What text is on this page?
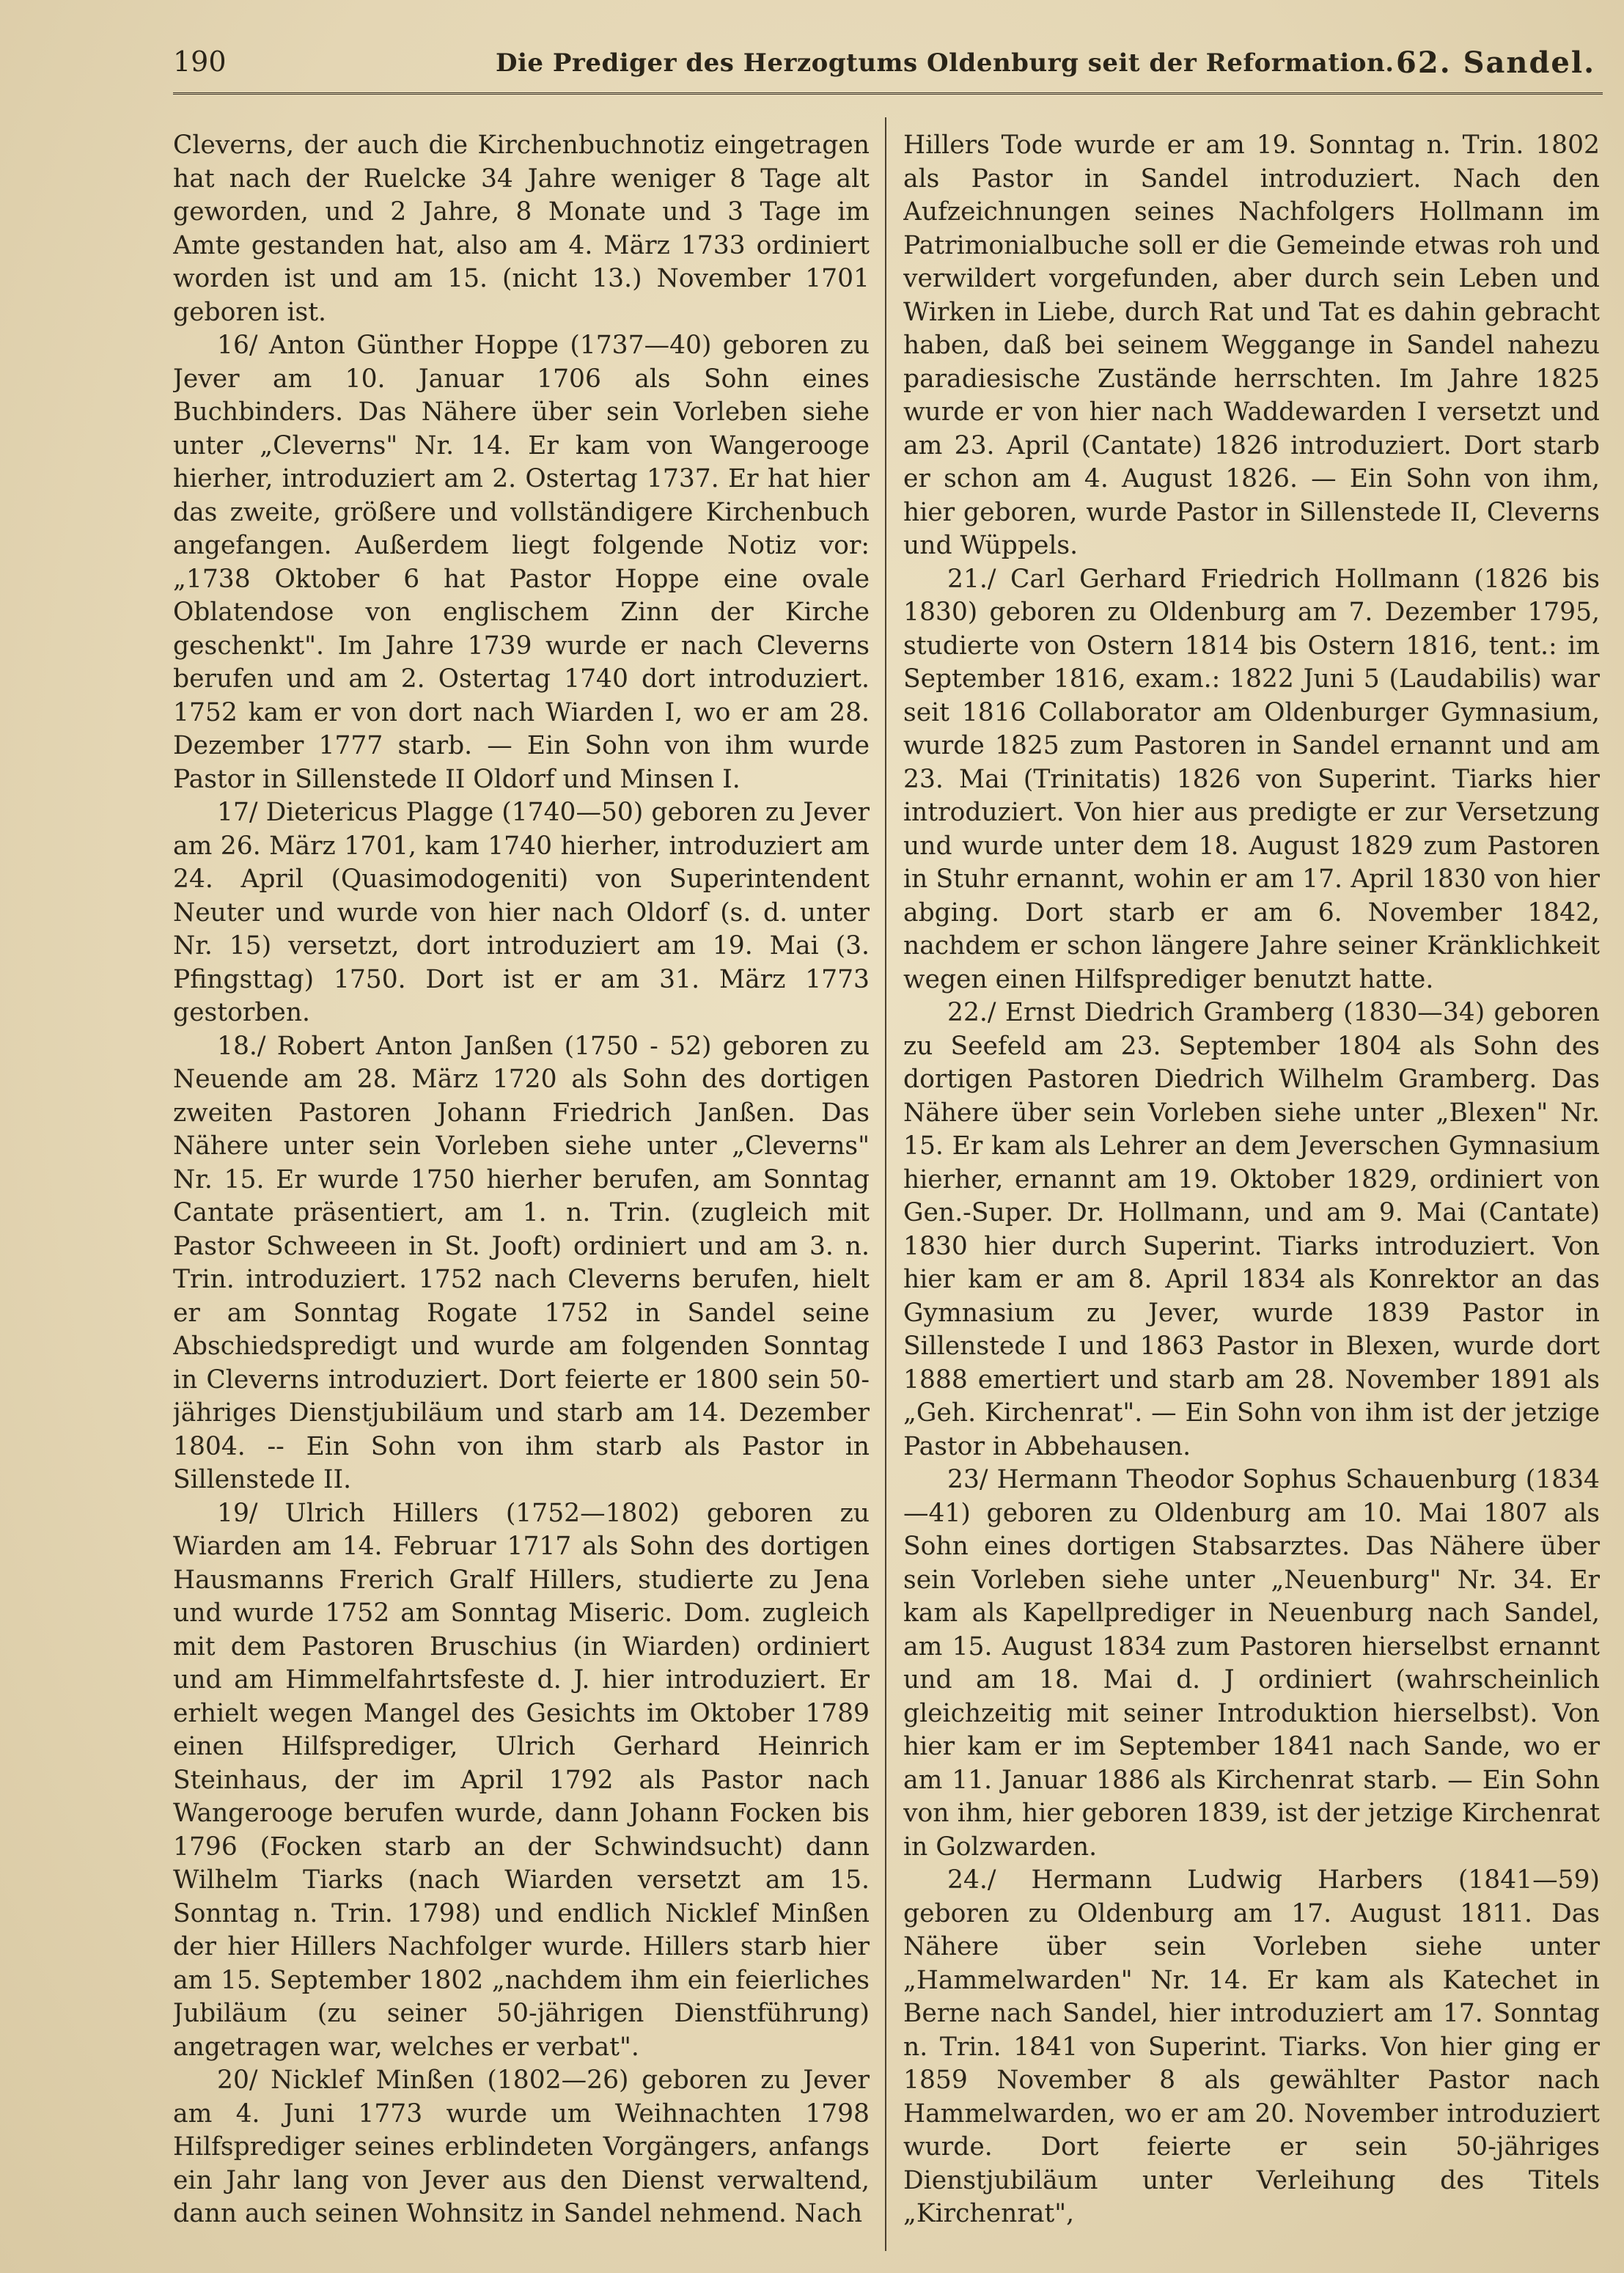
190	Die Prediger des Herzogtums Oldenburg seit der Reformation. 62. Sandel.

Cleverns, der auch die Kirchenbuchnotiz eingetragen hat nach der Ruelcke 34 Jahre weniger 8 Tage alt geworden, und 2 Jahre, 8 Monate und 3 Tage im Amte gestanden hat, also am 4. März 1733 ordiniert worden ist und am 15. (nicht 13.) November 1701 geboren ist.

16/ Anton Günther Hoppe (1737—40) geboren zu Jever am 10. Januar 1706 als Sohn eines Buchbinders. Das Nähere über sein Vorleben siehe unter „Cleverns" Nr. 14. Er kam von Wangerooge hierher, introduziert am 2. Ostertag 1737. Er hat hier das zweite, größere und vollständigere Kirchenbuch angefangen. Außerdem liegt folgende Notiz vor: „1738 Oktober 6 hat Pastor Hoppe eine ovale Oblatendose von englischem Zinn der Kirche geschenkt". Im Jahre 1739 wurde er nach Cleverns berufen und am 2. Ostertag 1740 dort introduziert. 1752 kam er von dort nach Wiarden I, wo er am 28. Dezember 1777 starb. — Ein Sohn von ihm wurde Pastor in Sillenstede II Oldorf und Minsen I.

17/ Dietericus Plagge (1740—50) geboren zu Jever am 26. März 1701, kam 1740 hierher, introduziert am 24. April (Quasimodogeniti) von Superintendent Neuter und wurde von hier nach Oldorf (s. d. unter Nr. 15) versetzt, dort introduziert am 19. Mai (3. Pfingsttag) 1750. Dort ist er am 31. März 1773 gestorben.

18./ Robert Anton Janßen (1750 - 52) geboren zu Neuende am 28. März 1720 als Sohn des dortigen zweiten Pastoren Johann Friedrich Janßen. Das Nähere unter sein Vorleben siehe unter „Cleverns" Nr. 15. Er wurde 1750 hierher berufen, am Sonntag Cantate präsentiert, am 1. n. Trin. (zugleich mit Pastor Schweeen in St. Jooft) ordiniert und am 3. n. Trin. introduziert. 1752 nach Cleverns berufen, hielt er am Sonntag Rogate 1752 in Sandel seine Abschiedspredigt und wurde am folgenden Sonntag in Cleverns introduziert. Dort feierte er 1800 sein 50-jähriges Dienstjubiläum und starb am 14. Dezember 1804. -- Ein Sohn von ihm starb als Pastor in Sillenstede II.

19/ Ulrich Hillers (1752—1802) geboren zu Wiarden am 14. Februar 1717 als Sohn des dortigen Hausmanns Frerich Gralf Hillers, studierte zu Jena und wurde 1752 am Sonntag Miseric. Dom. zugleich mit dem Pastoren Bruschius (in Wiarden) ordiniert und am Himmelfahrtsfeste d. J. hier introduziert. Er erhielt wegen Mangel des Gesichts im Oktober 1789 einen Hilfsprediger, Ulrich Gerhard Heinrich Steinhaus, der im April 1792 als Pastor nach Wangerooge berufen wurde, dann Johann Focken bis 1796 (Focken starb an der Schwindsucht) dann Wilhelm Tiarks (nach Wiarden versetzt am 15. Sonntag n. Trin. 1798) und endlich Nicklef Minßen der hier Hillers Nachfolger wurde. Hillers starb hier am 15. September 1802 „nachdem ihm ein feierliches Jubiläum (zu seiner 50-jährigen Dienstführung) angetragen war, welches er verbat".

20/ Nicklef Minßen (1802—26) geboren zu Jever am 4. Juni 1773 wurde um Weihnachten 1798 Hilfsprediger seines erblindeten Vorgängers, anfangs ein Jahr lang von Jever aus den Dienst verwaltend, dann auch seinen Wohnsitz in Sandel nehmend. Nach

Hillers Tode wurde er am 19. Sonntag n. Trin. 1802 als Pastor in Sandel introduziert. Nach den Aufzeichnungen seines Nachfolgers Hollmann im Patrimonialbuche soll er die Gemeinde etwas roh und verwildert vorgefunden, aber durch sein Leben und Wirken in Liebe, durch Rat und Tat es dahin gebracht haben, daß bei seinem Weggange in Sandel nahezu paradiesische Zustände herrschten. Im Jahre 1825 wurde er von hier nach Waddewarden I versetzt und am 23. April (Cantate) 1826 introduziert. Dort starb er schon am 4. August 1826. — Ein Sohn von ihm, hier geboren, wurde Pastor in Sillenstede II, Cleverns und Wüppels.

21./ Carl Gerhard Friedrich Hollmann (1826 bis 1830) geboren zu Oldenburg am 7. Dezember 1795, studierte von Ostern 1814 bis Ostern 1816, tent.: im September 1816, exam.: 1822 Juni 5 (Laudabilis) war seit 1816 Collaborator am Oldenburger Gymnasium, wurde 1825 zum Pastoren in Sandel ernannt und am 23. Mai (Trinitatis) 1826 von Superint. Tiarks hier introduziert. Von hier aus predigte er zur Versetzung und wurde unter dem 18. August 1829 zum Pastoren in Stuhr ernannt, wohin er am 17. April 1830 von hier abging. Dort starb er am 6. November 1842, nachdem er schon längere Jahre seiner Kränklichkeit wegen einen Hilfsprediger benutzt hatte.

22./ Ernst Diedrich Gramberg (1830—34) geboren zu Seefeld am 23. September 1804 als Sohn des dortigen Pastoren Diedrich Wilhelm Gramberg. Das Nähere über sein Vorleben siehe unter „Blexen" Nr. 15. Er kam als Lehrer an dem Jeverschen Gymnasium hierher, ernannt am 19. Oktober 1829, ordiniert von Gen.-Super. Dr. Hollmann, und am 9. Mai (Cantate) 1830 hier durch Superint. Tiarks introduziert. Von hier kam er am 8. April 1834 als Konrektor an das Gymnasium zu Jever, wurde 1839 Pastor in Sillenstede I und 1863 Pastor in Blexen, wurde dort 1888 emertiert und starb am 28. November 1891 als „Geh. Kirchenrat". — Ein Sohn von ihm ist der jetzige Pastor in Abbehausen.

23/ Hermann Theodor Sophus Schauenburg (1834—41) geboren zu Oldenburg am 10. Mai 1807 als Sohn eines dortigen Stabsarztes. Das Nähere über sein Vorleben siehe unter „Neuenburg" Nr. 34. Er kam als Kapellprediger in Neuenburg nach Sandel, am 15. August 1834 zum Pastoren hierselbst ernannt und am 18. Mai d. J ordiniert (wahrscheinlich gleichzeitig mit seiner Introduktion hierselbst). Von hier kam er im September 1841 nach Sande, wo er am 11. Januar 1886 als Kirchenrat starb. — Ein Sohn von ihm, hier geboren 1839, ist der jetzige Kirchenrat in Golzwarden.

24./ Hermann Ludwig Harbers (1841—59) geboren zu Oldenburg am 17. August 1811. Das Nähere über sein Vorleben siehe unter „Hammelwarden" Nr. 14. Er kam als Katechet in Berne nach Sandel, hier introduziert am 17. Sonntag n. Trin. 1841 von Superint. Tiarks. Von hier ging er 1859 November 8 als gewählter Pastor nach Hammelwarden, wo er am 20. November introduziert wurde. Dort feierte er sein 50-jähriges Dienstjubiläum unter Verleihung des Titels „Kirchenrat",
